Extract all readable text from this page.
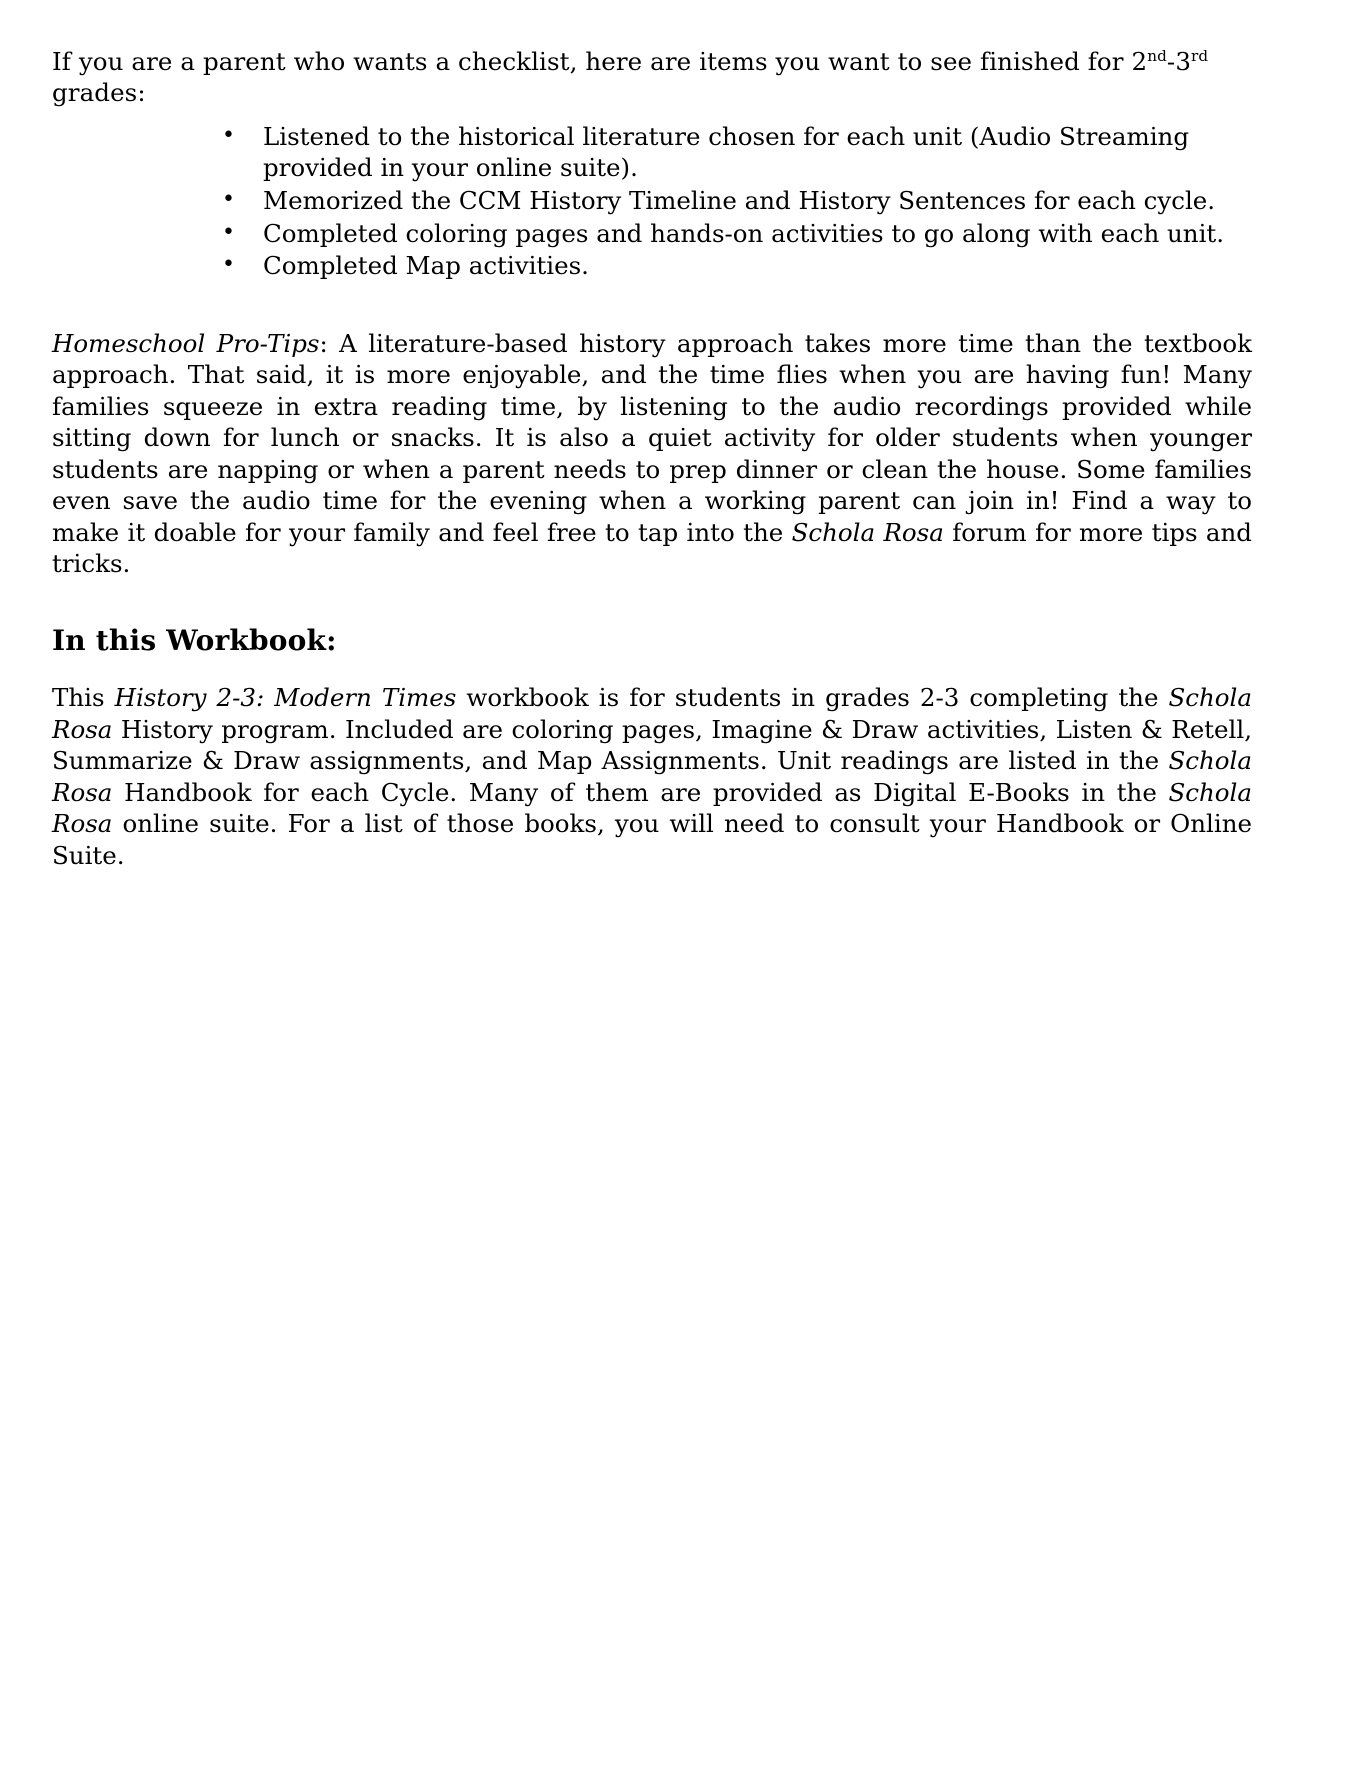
If you are a parent who wants a checklist, here are items you want to see finished for 2nd-3rd grades:

• Listened to the historical literature chosen for each unit (Audio Streaming provided in your online suite).
• Memorized the CCM History Timeline and History Sentences for each cycle.
• Completed coloring pages and hands-on activities to go along with each unit.
• Completed Map activities.

Homeschool Pro-Tips: A literature-based history approach takes more time than the textbook approach. That said, it is more enjoyable, and the time flies when you are having fun! Many families squeeze in extra reading time, by listening to the audio recordings provided while sitting down for lunch or snacks. It is also a quiet activity for older students when younger students are napping or when a parent needs to prep dinner or clean the house. Some families even save the audio time for the evening when a working parent can join in! Find a way to make it doable for your family and feel free to tap into the Schola Rosa forum for more tips and tricks.

In this Workbook:

This History 2-3: Modern Times workbook is for students in grades 2-3 completing the Schola Rosa History program. Included are coloring pages, Imagine & Draw activities, Listen & Retell, Summarize & Draw assignments, and Map Assignments. Unit readings are listed in the Schola Rosa Handbook for each Cycle. Many of them are provided as Digital E-Books in the Schola Rosa online suite. For a list of those books, you will need to consult your Handbook or Online Suite.
